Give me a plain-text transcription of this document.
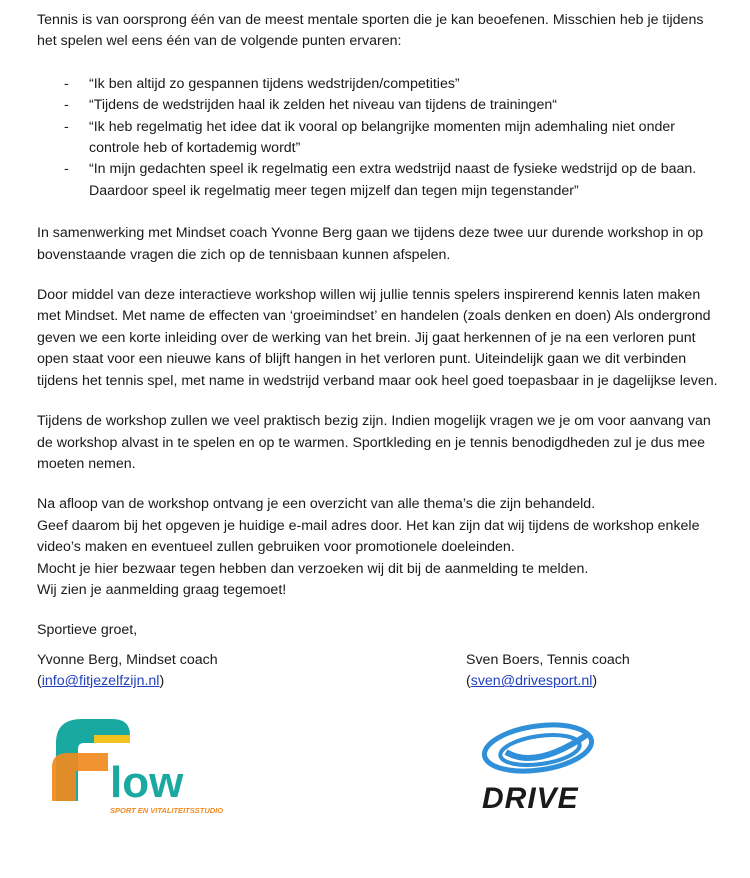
Tennis is van oorsprong één van de meest mentale sporten die je kan beoefenen. Misschien heb je tijdens het spelen wel eens één van de volgende punten ervaren:

- “Ik ben altijd zo gespannen tijdens wedstrijden/competities”
- “Tijdens de wedstrijden haal ik zelden het niveau van tijdens de trainingen“
- “Ik heb regelmatig het idee dat ik vooral op belangrijke momenten mijn ademhaling niet onder controle heb of kortademig wordt”
- “In mijn gedachten speel ik regelmatig een extra wedstrijd naast de fysieke wedstrijd op de baan. Daardoor speel ik regelmatig meer tegen mijzelf dan tegen mijn tegenstander”

In samenwerking met Mindset coach Yvonne Berg gaan we tijdens deze twee uur durende workshop in op bovenstaande vragen die zich op de tennisbaan kunnen afspelen.

Door middel van deze interactieve workshop willen wij jullie tennis spelers inspirerend kennis laten maken met Mindset. Met name de effecten van ‘groeimindset’ en handelen (zoals denken en doen) Als ondergrond geven we een korte inleiding over de werking van het brein. Jij gaat herkennen of je na een verloren punt open staat voor een nieuwe kans of blijft hangen in het verloren punt. Uiteindelijk gaan we dit verbinden tijdens het tennis spel, met name in wedstrijd verband maar ook heel goed toepasbaar in je dagelijkse leven.

Tijdens de workshop zullen we veel praktisch bezig zijn. Indien mogelijk vragen we je om voor aanvang van de workshop alvast in te spelen en op te warmen. Sportkleding en je tennis benodigdheden zul je dus mee moeten nemen.

Na afloop van de workshop ontvang je een overzicht van alle thema’s die zijn behandeld.

Geef daarom bij het opgeven je huidige e-mail adres door. Het kan zijn dat wij tijdens de workshop enkele video’s maken en eventueel zullen gebruiken voor promotionele doeleinden.

Mocht je hier bezwaar tegen hebben dan verzoeken wij dit bij de aanmelding te melden.

Wij zien je aanmelding graag tegemoet!

Sportieve groet,

Yvonne Berg, Mindset coach

(info@fitjezelfzijn.nl)

Sven Boers, Tennis coach

(sven@drivesport.nl)

low
SPORT EN VITALITEITSSTUDIO	DRIVE
